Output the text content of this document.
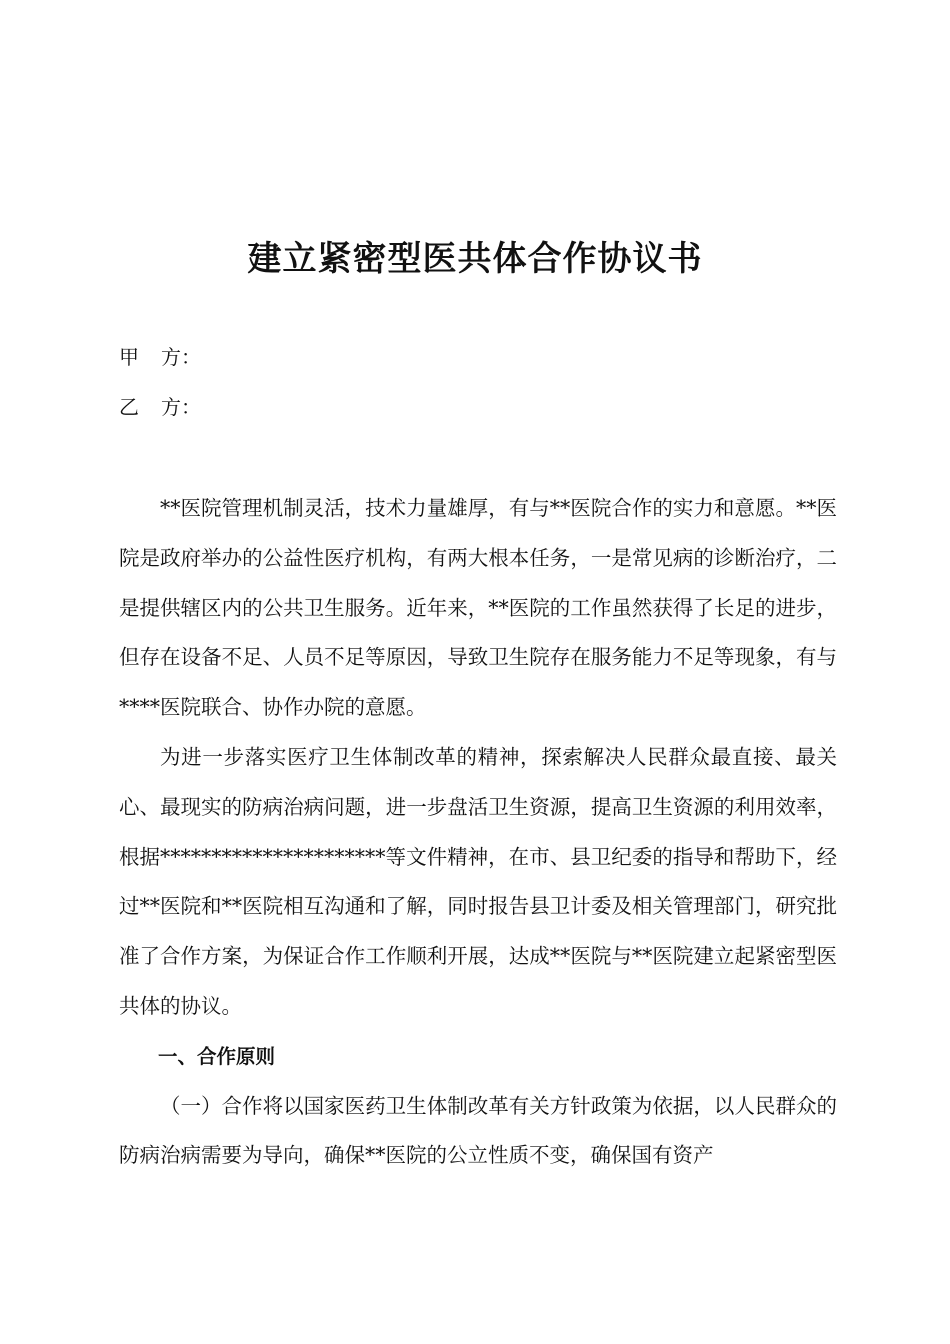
建立紧密型医共体合作协议书
甲 方：
乙 方：

**医院管理机制灵活，技术力量雄厚，有与**医院合作的实力和意愿。**医院是政府举办的公益性医疗机构，有两大根本任务，一是常见病的诊断治疗，二是提供辖区内的公共卫生服务。近年来，**医院的工作虽然获得了长足的进步，但存在设备不足、人员不足等原因，导致卫生院存在服务能力不足等现象，有与****医院联合、协作办院的意愿。

为进一步落实医疗卫生体制改革的精神，探索解决人民群众最直接、最关心、最现实的防病治病问题，进一步盘活卫生资源，提高卫生资源的利用效率，根据**********************等文件精神，在市、县卫纪委的指导和帮助下，经过**医院和**医院相互沟通和了解，同时报告县卫计委及相关管理部门，研究批准了合作方案，为保证合作工作顺利开展，达成**医院与**医院建立起紧密型医共体的协议。

一、合作原则

（一）合作将以国家医药卫生体制改革有关方针政策为依据，以人民群众的防病治病需要为导向，确保**医院的公立性质不变，确保国有资产
